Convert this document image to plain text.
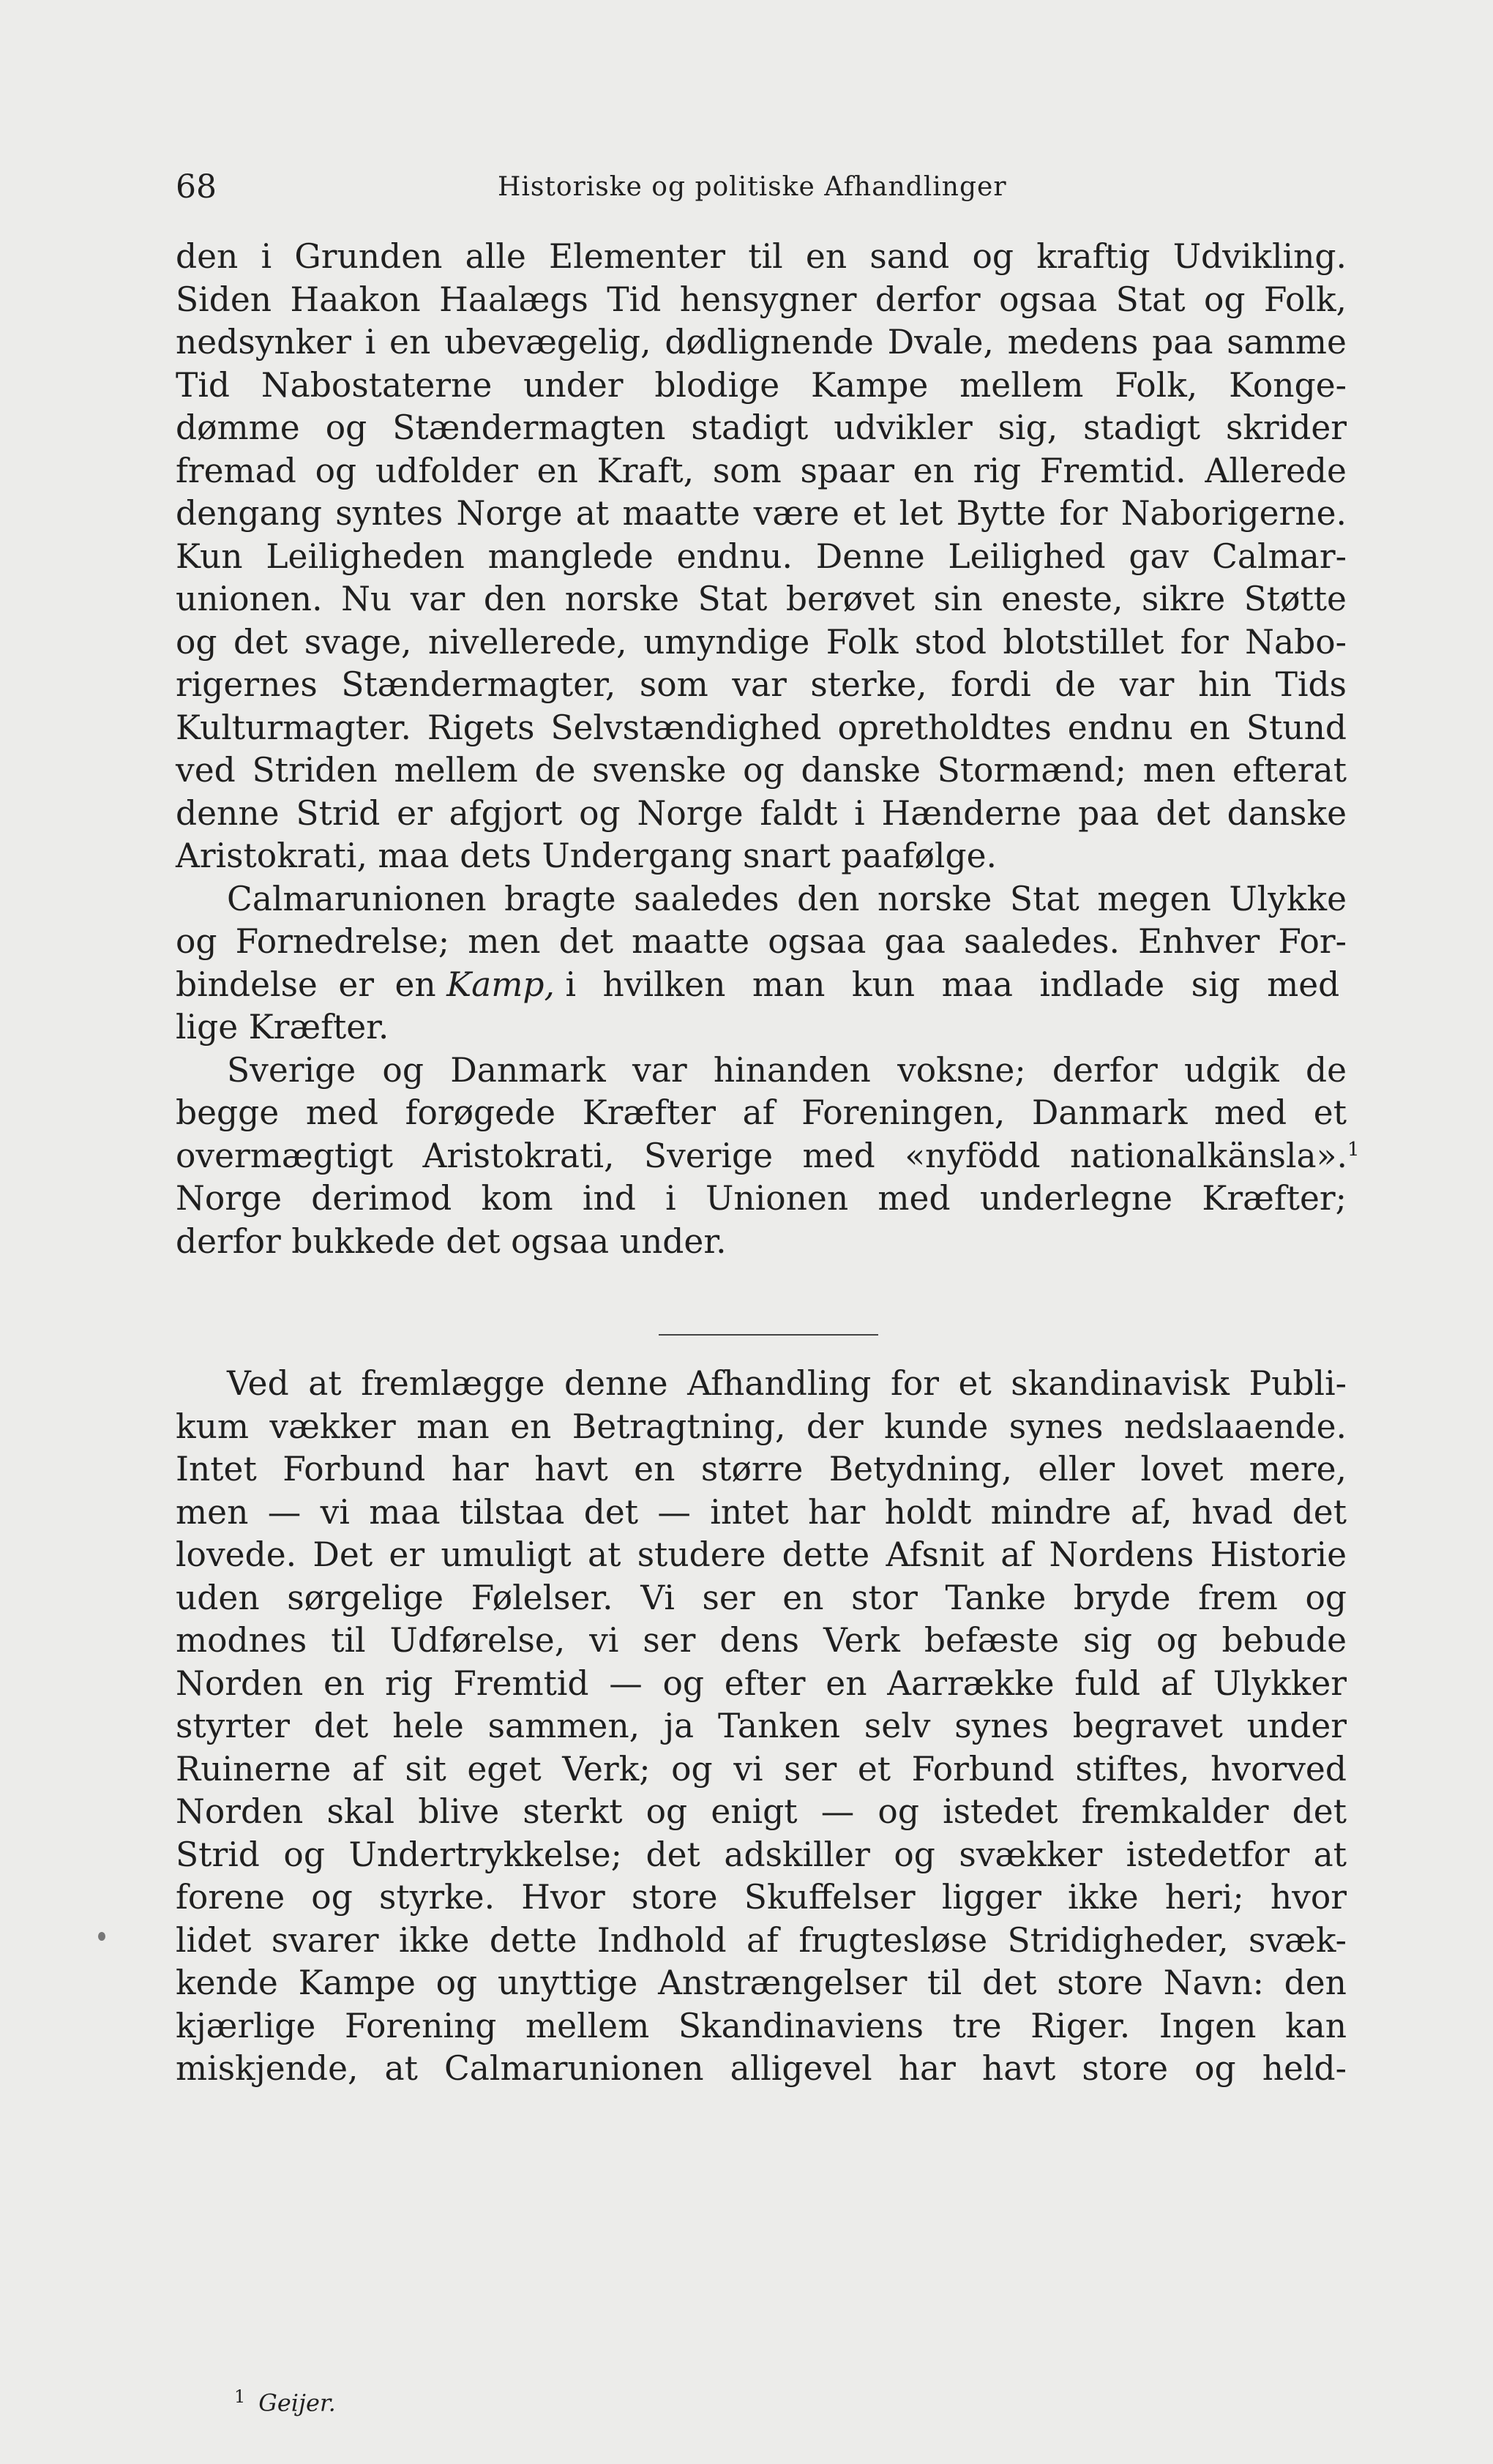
68	Historiske og politiske Afhandlinger
den i Grunden alle Elementer til en sand og kraftig Udvikling.
Siden Haakon Haalægs Tid hensygner derfor ogsaa Stat og Folk,
nedsynker i en ubevægelig, dødlignende Dvale, medens paa samme
Tid Nabostaterne under blodige Kampe mellem Folk, Konge-
dømme og Stændermagten stadigt udvikler sig, stadigt skrider
fremad og udfolder en Kraft, som spaar en rig Fremtid. Allerede
dengang syntes Norge at maatte være et let Bytte for Naborigerne.
Kun Leiligheden manglede endnu. Denne Leilighed gav Calmar-
unionen. Nu var den norske Stat berøvet sin eneste, sikre Støtte
og det svage, nivellerede, umyndige Folk stod blotstillet for Nabo-
rigernes Stændermagter, som var sterke, fordi de var hin Tids
Kulturmagter. Rigets Selvstændighed opretholdtes endnu en Stund
ved Striden mellem de svenske og danske Stormænd; men efterat
denne Strid er afgjort og Norge faldt i Hænderne paa det danske
Aristokrati, maa dets Undergang snart paafølge.
Calmarunionen bragte saaledes den norske Stat megen Ulykke
og Fornedrelse; men det maatte ogsaa gaa saaledes. Enhver For-
bindelse er en Kamp, i hvilken man kun maa indlade sig med
lige Kræfter.
Sverige og Danmark var hinanden voksne; derfor udgik de
begge med forøgede Kræfter af Foreningen, Danmark med et
overmægtigt Aristokrati, Sverige med «nyfödd nationalkänsla».$^1$
Norge derimod kom ind i Unionen med underlegne Kræfter;
derfor bukkede det ogsaa under.
Ved at fremlægge denne Afhandling for et skandinavisk Publi-
kum vækker man en Betragtning, der kunde synes nedslaaende.
Intet Forbund har havt en større Betydning, eller lovet mere,
men — vi maa tilstaa det — intet har holdt mindre af, hvad det
lovede. Det er umuligt at studere dette Afsnit af Nordens Historie
uden sørgelige Følelser. Vi ser en stor Tanke bryde frem og
modnes til Udførelse, vi ser dens Verk befæste sig og bebude
Norden en rig Fremtid — og efter en Aarrække fuld af Ulykker
styrter det hele sammen, ja Tanken selv synes begravet under
Ruinerne af sit eget Verk; og vi ser et Forbund stiftes, hvorved
Norden skal blive sterkt og enigt — og istedet fremkalder det
Strid og Undertrykkelse; det adskiller og svækker istedetfor at
forene og styrke. Hvor store Skuffelser ligger ikke heri; hvor
lidet svarer ikke dette Indhold af frugtesløse Stridigheder, svæk-
kende Kampe og unyttige Anstrængelser til det store Navn: den
kjærlige Forening mellem Skandinaviens tre Riger. Ingen kan
miskjende, at Calmarunionen alligevel har havt store og held-
$^1$ Geijer.
